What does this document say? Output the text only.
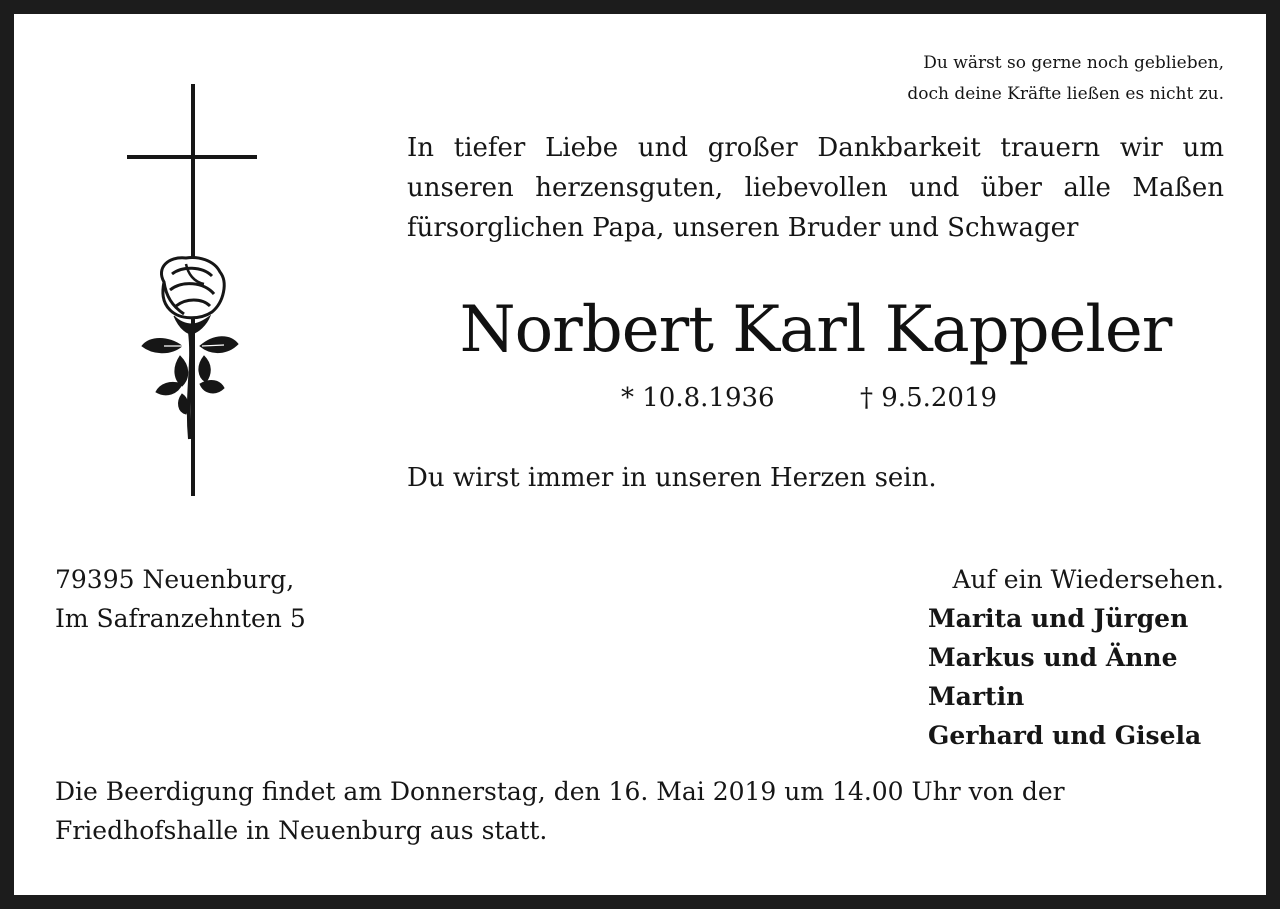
Du wärst so gerne noch geblieben,
doch deine Kräfte ließen es nicht zu.

In tiefer Liebe und großer Dankbarkeit trauern wir um unseren herzensguten, liebevollen und über alle Maßen fürsorglichen Papa, unseren Bruder und Schwager

Norbert Karl Kappeler
* 10.8.1936	† 9.5.2019
Du wirst immer in unseren Herzen sein.
79395 Neuenburg,
Im Safranzehnten 5
Auf ein Wiedersehen.
Marita und Jürgen
Markus und Änne
Martin
Gerhard und Gisela

Die Beerdigung findet am Donnerstag, den 16. Mai 2019 um 14.00 Uhr von der Friedhofshalle in Neuenburg aus statt.
